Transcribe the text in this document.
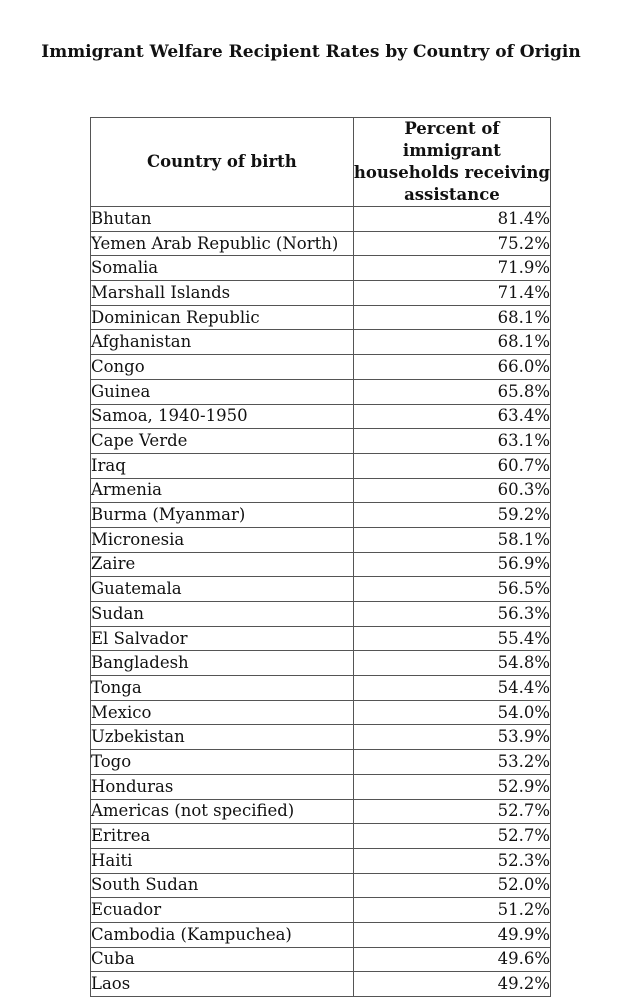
Immigrant Welfare Recipient Rates by Country of Origin
Country of birth	Percent of immigrant households receiving assistance
Bhutan	81.4%
Yemen Arab Republic (North)	75.2%
Somalia	71.9%
Marshall Islands	71.4%
Dominican Republic	68.1%
Afghanistan	68.1%
Congo	66.0%
Guinea	65.8%
Samoa, 1940-1950	63.4%
Cape Verde	63.1%
Iraq	60.7%
Armenia	60.3%
Burma (Myanmar)	59.2%
Micronesia	58.1%
Zaire	56.9%
Guatemala	56.5%
Sudan	56.3%
El Salvador	55.4%
Bangladesh	54.8%
Tonga	54.4%
Mexico	54.0%
Uzbekistan	53.9%
Togo	53.2%
Honduras	52.9%
Americas (not specified)	52.7%
Eritrea	52.7%
Haiti	52.3%
South Sudan	52.0%
Ecuador	51.2%
Cambodia (Kampuchea)	49.9%
Cuba	49.6%
Laos	49.2%
